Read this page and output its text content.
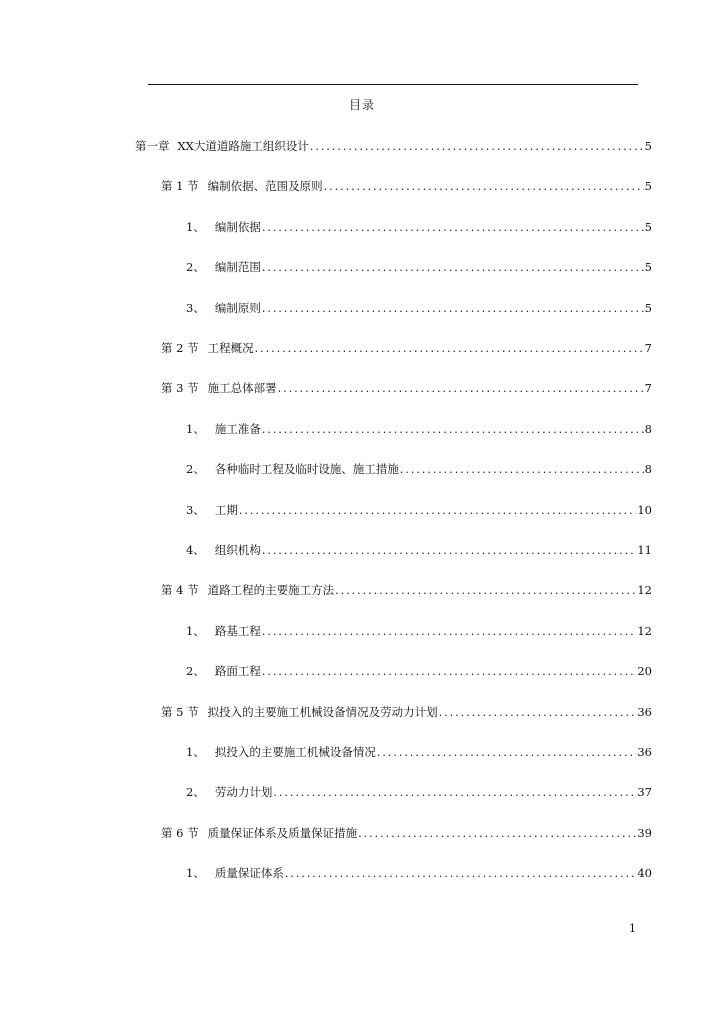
目录
第一章 XX大道道路施工组织设计 .....	5
第 1 节 编制依据、范围及原则 .....	5
1、 编制依据 .....	5
2、 编制范围 .....	5
3、 编制原则 .....	5
第 2 节 工程概况 .....	7
第 3 节 施工总体部署 .....	7
1、 施工准备 .....	8
2、 各种临时工程及临时设施、施工措施 .....	8
3、 工期 .....	10
4、 组织机构 .....	11
第 4 节 道路工程的主要施工方法 .....	12
1、 路基工程 .....	12
2、 路面工程 .....	20
第 5 节 拟投入的主要施工机械设备情况及劳动力计划 .....	36
1、 拟投入的主要施工机械设备情况 .....	36
2、 劳动力计划 .....	37
第 6 节 质量保证体系及质量保证措施 .....	39
1、 质量保证体系 .....	40
1
